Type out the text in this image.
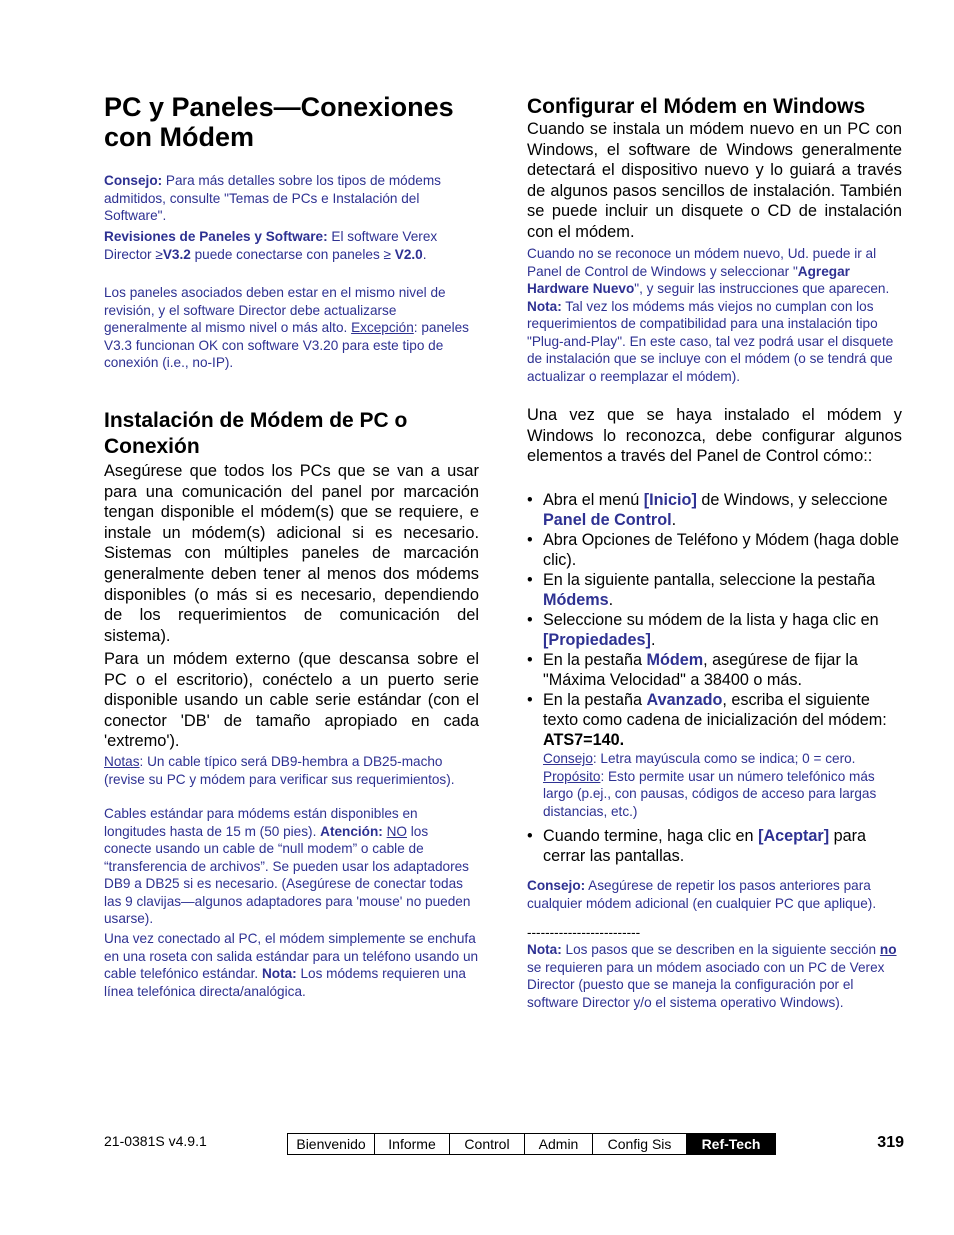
PC y Paneles—Conexiones con Módem

Consejo: Para más detalles sobre los tipos de módems admitidos, consulte "Temas de PCs e Instalación del Software".

Revisiones de Paneles y Software: El software Verex Director ≥V3.2 puede conectarse con paneles ≥ V2.0.

Los paneles asociados deben estar en el mismo nivel de revisión, y el software Director debe actualizarse generalmente al mismo nivel o más alto. Excepción: paneles V3.3 funcionan OK con software V3.20 para este tipo de conexión (i.e., no-IP).

Instalación de Módem de PC o Conexión

Asegúrese que todos los PCs que se van a usar para una comunicación del panel por marcación tengan disponible el módem(s) que se requiere, e instale un módem(s) adicional si es necesario. Sistemas con múltiples paneles de marcación generalmente deben tener al menos dos módems disponibles (o más si es necesario, dependiendo de los requerimientos de comunicación del sistema).

Para un módem externo (que descansa sobre el PC o el escritorio), conéctelo a un puerto serie disponible usando un cable serie estándar (con el conector 'DB' de tamaño apropiado en cada 'extremo').

Notas: Un cable típico será DB9-hembra a DB25-macho (revise su PC y módem para verificar sus requerimientos).

Cables estándar para módems están disponibles en longitudes hasta de 15 m (50 pies). Atención: NO los conecte usando un cable de “null modem” o cable de “transferencia de archivos”. Se pueden usar los adaptadores DB9 a DB25 si es necesario. (Asegúrese de conectar todas las 9 clavijas—algunos adaptadores para 'mouse' no pueden usarse).

Una vez conectado al PC, el módem simplemente se enchufa en una roseta con salida estándar para un teléfono usando un cable telefónico estándar. Nota: Los módems requieren una línea telefónica directa/analógica.

Configurar el Módem en Windows

Cuando se instala un módem nuevo en un PC con Windows, el software de Windows generalmente detectará el dispositivo nuevo y lo guiará a través de algunos pasos sencillos de instalación. También se puede incluir un disquete o CD de instalación con el módem.

Cuando no se reconoce un módem nuevo, Ud. puede ir al Panel de Control de Windows y seleccionar "Agregar Hardware Nuevo", y seguir las instrucciones que aparecen. Nota: Tal vez los módems más viejos no cumplan con los requerimientos de compatibilidad para una instalación tipo "Plug-and-Play". En este caso, tal vez podrá usar el disquete de instalación que se incluye con el módem (o se tendrá que actualizar o reemplazar el módem).

Una vez que se haya instalado el módem y Windows lo reconozca, debe configurar algunos elementos a través del Panel de Control cómo::

• Abra el menú [Inicio] de Windows, y seleccione Panel de Control.
• Abra Opciones de Teléfono y Módem (haga doble clic).
• En la siguiente pantalla, seleccione la pestaña Módems.
• Seleccione su módem de la lista y haga clic en [Propiedades].
• En la pestaña Módem, asegúrese de fijar la "Máxima Velocidad" a 38400 o más.
• En la pestaña Avanzado, escriba el siguiente texto como cadena de inicialización del módem: ATS7=140.
Consejo: Letra mayúscula como se indica; 0 = cero.
Propósito: Esto permite usar un número telefónico más largo (p.ej., con pausas, códigos de acceso para largas distancias, etc.)
• Cuando termine, haga clic en [Aceptar] para cerrar las pantallas.

Consejo: Asegúrese de repetir los pasos anteriores para cualquier módem adicional (en cualquier PC que aplique).

-------------------------

Nota: Los pasos que se describen en la siguiente sección no se requieren para un módem asociado con un PC de Verex Director (puesto que se maneja la configuración por el software Director y/o el sistema operativo Windows).

21-0381S v4.9.1	Bienvenido	Informe	Control	Admin	Config Sis	Ref-Tech	319
